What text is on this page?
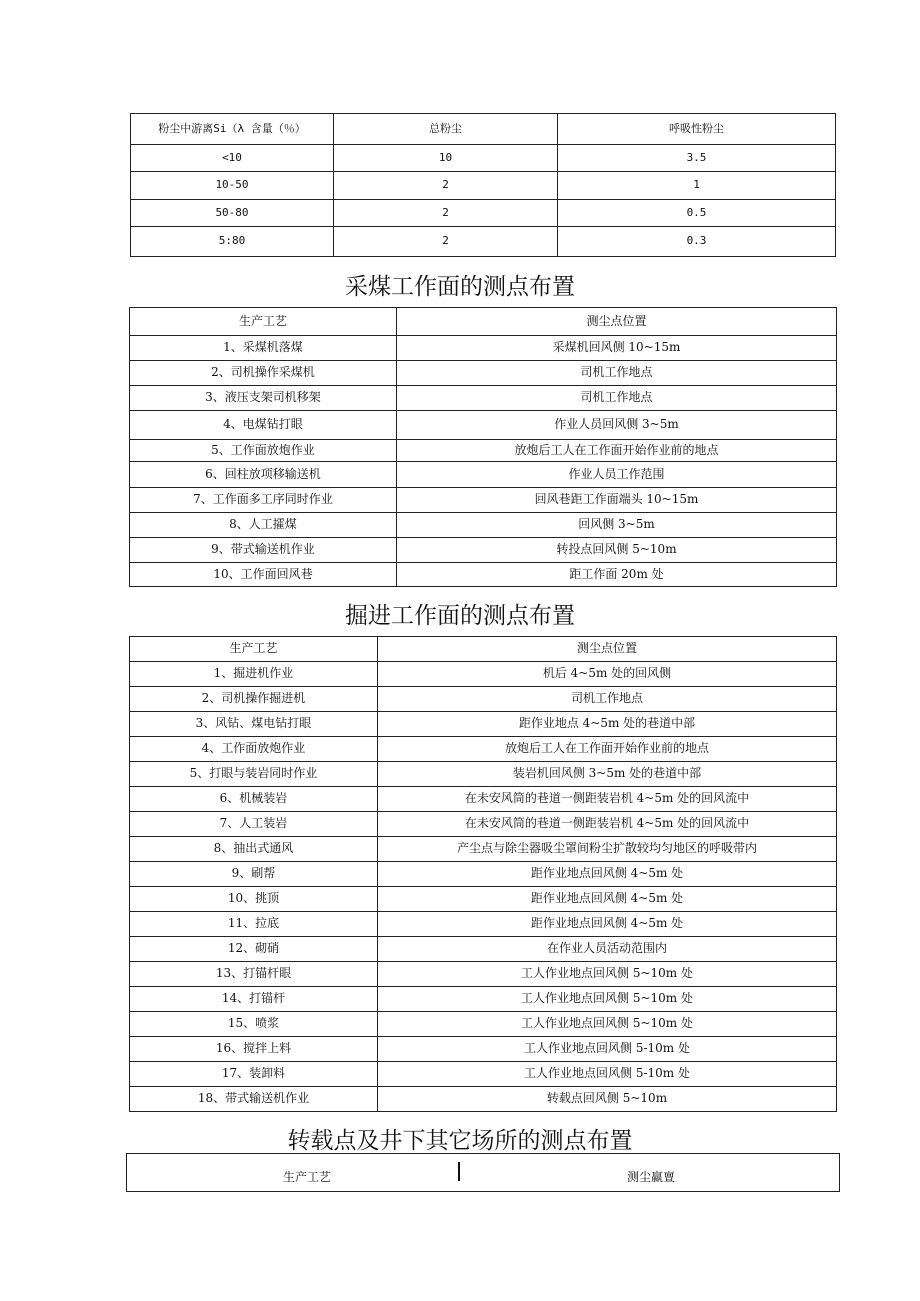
粉尘中游离Si（λ 含量（％）	总粉尘	呼吸性粉尘
<10	10	3.5
10-50	2	1
50-80	2	0.5
5:80	2	0.3
采煤工作面的测点布置
生产工艺	测尘点位置
1、采煤机落煤	采煤机回风侧 10~15m
2、司机操作采煤机	司机工作地点
3、液压支架司机移架	司机工作地点
4、电煤钻打眼	作业人员回风侧 3~5m
5、工作面放炮作业	放炮后工人在工作面开始作业前的地点
6、回柱放项移输送机	作业人员工作范围
7、工作面多工序同时作业	回风巷距工作面端头 10~15m
8、人工攉煤	回风侧 3~5m
9、带式输送机作业	转投点回风侧 5~10m
10、工作面回风巷	距工作面 20m 处
掘进工作面的测点布置
生产工艺	测尘点位置
1、掘进机作业	机后 4~5m 处的回风侧
2、司机操作掘进机	司机工作地点
3、风钻、煤电钻打眼	距作业地点 4~5m 处的巷道中部
4、工作面放炮作业	放炮后工人在工作面开始作业前的地点
5、打眼与装岩同时作业	装岩机回风侧 3~5m 处的巷道中部
6、机械装岩	在未安风筒的巷道一侧距装岩机 4~5m 处的回风流中
7、人工装岩	在未安风筒的巷道一侧距装岩机 4~5m 处的回风流中
8、抽出式通风	产尘点与除尘器吸尘罩间粉尘扩散较均匀地区的呼吸带内
9、刷帮	距作业地点回风侧 4~5m 处
10、挑顶	距作业地点回风侧 4~5m 处
11、拉底	距作业地点回风侧 4~5m 处
12、砌硝	在作业人员活动范围内
13、打锚杆眼	工人作业地点回风侧 5~10m 处
14、打锚杆	工人作业地点回风侧 5~10m 处
15、喷浆	工人作业地点回风侧 5~10m 处
16、搅拌上料	工人作业地点回风侧 5-10m 处
17、装卸料	工人作业地点回风侧 5-10m 处
18、带式输送机作业	转载点回风侧 5~10m
转载点及井下其它场所的测点布置
生产工艺	测尘赢亶
